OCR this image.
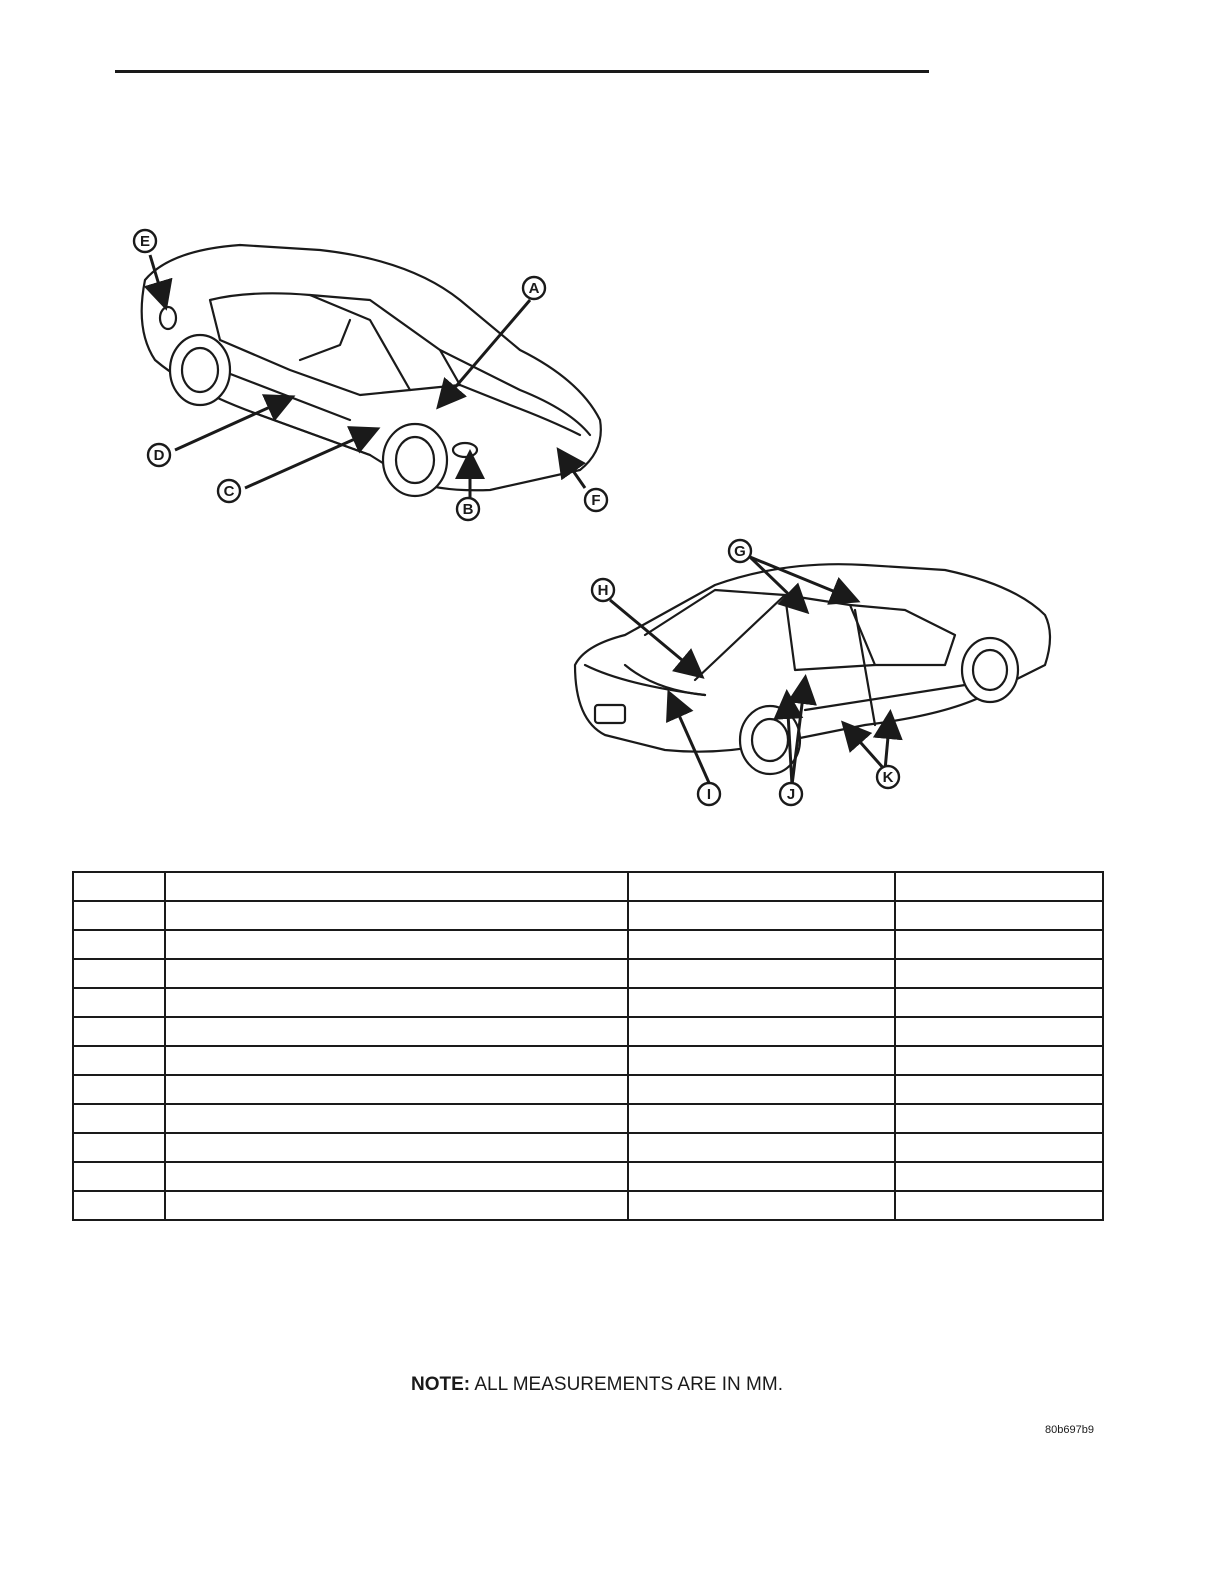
A
B
C
D
E
F
G
H
I	J
K

NOTE: ALL MEASUREMENTS ARE IN MM.
80b697b9
